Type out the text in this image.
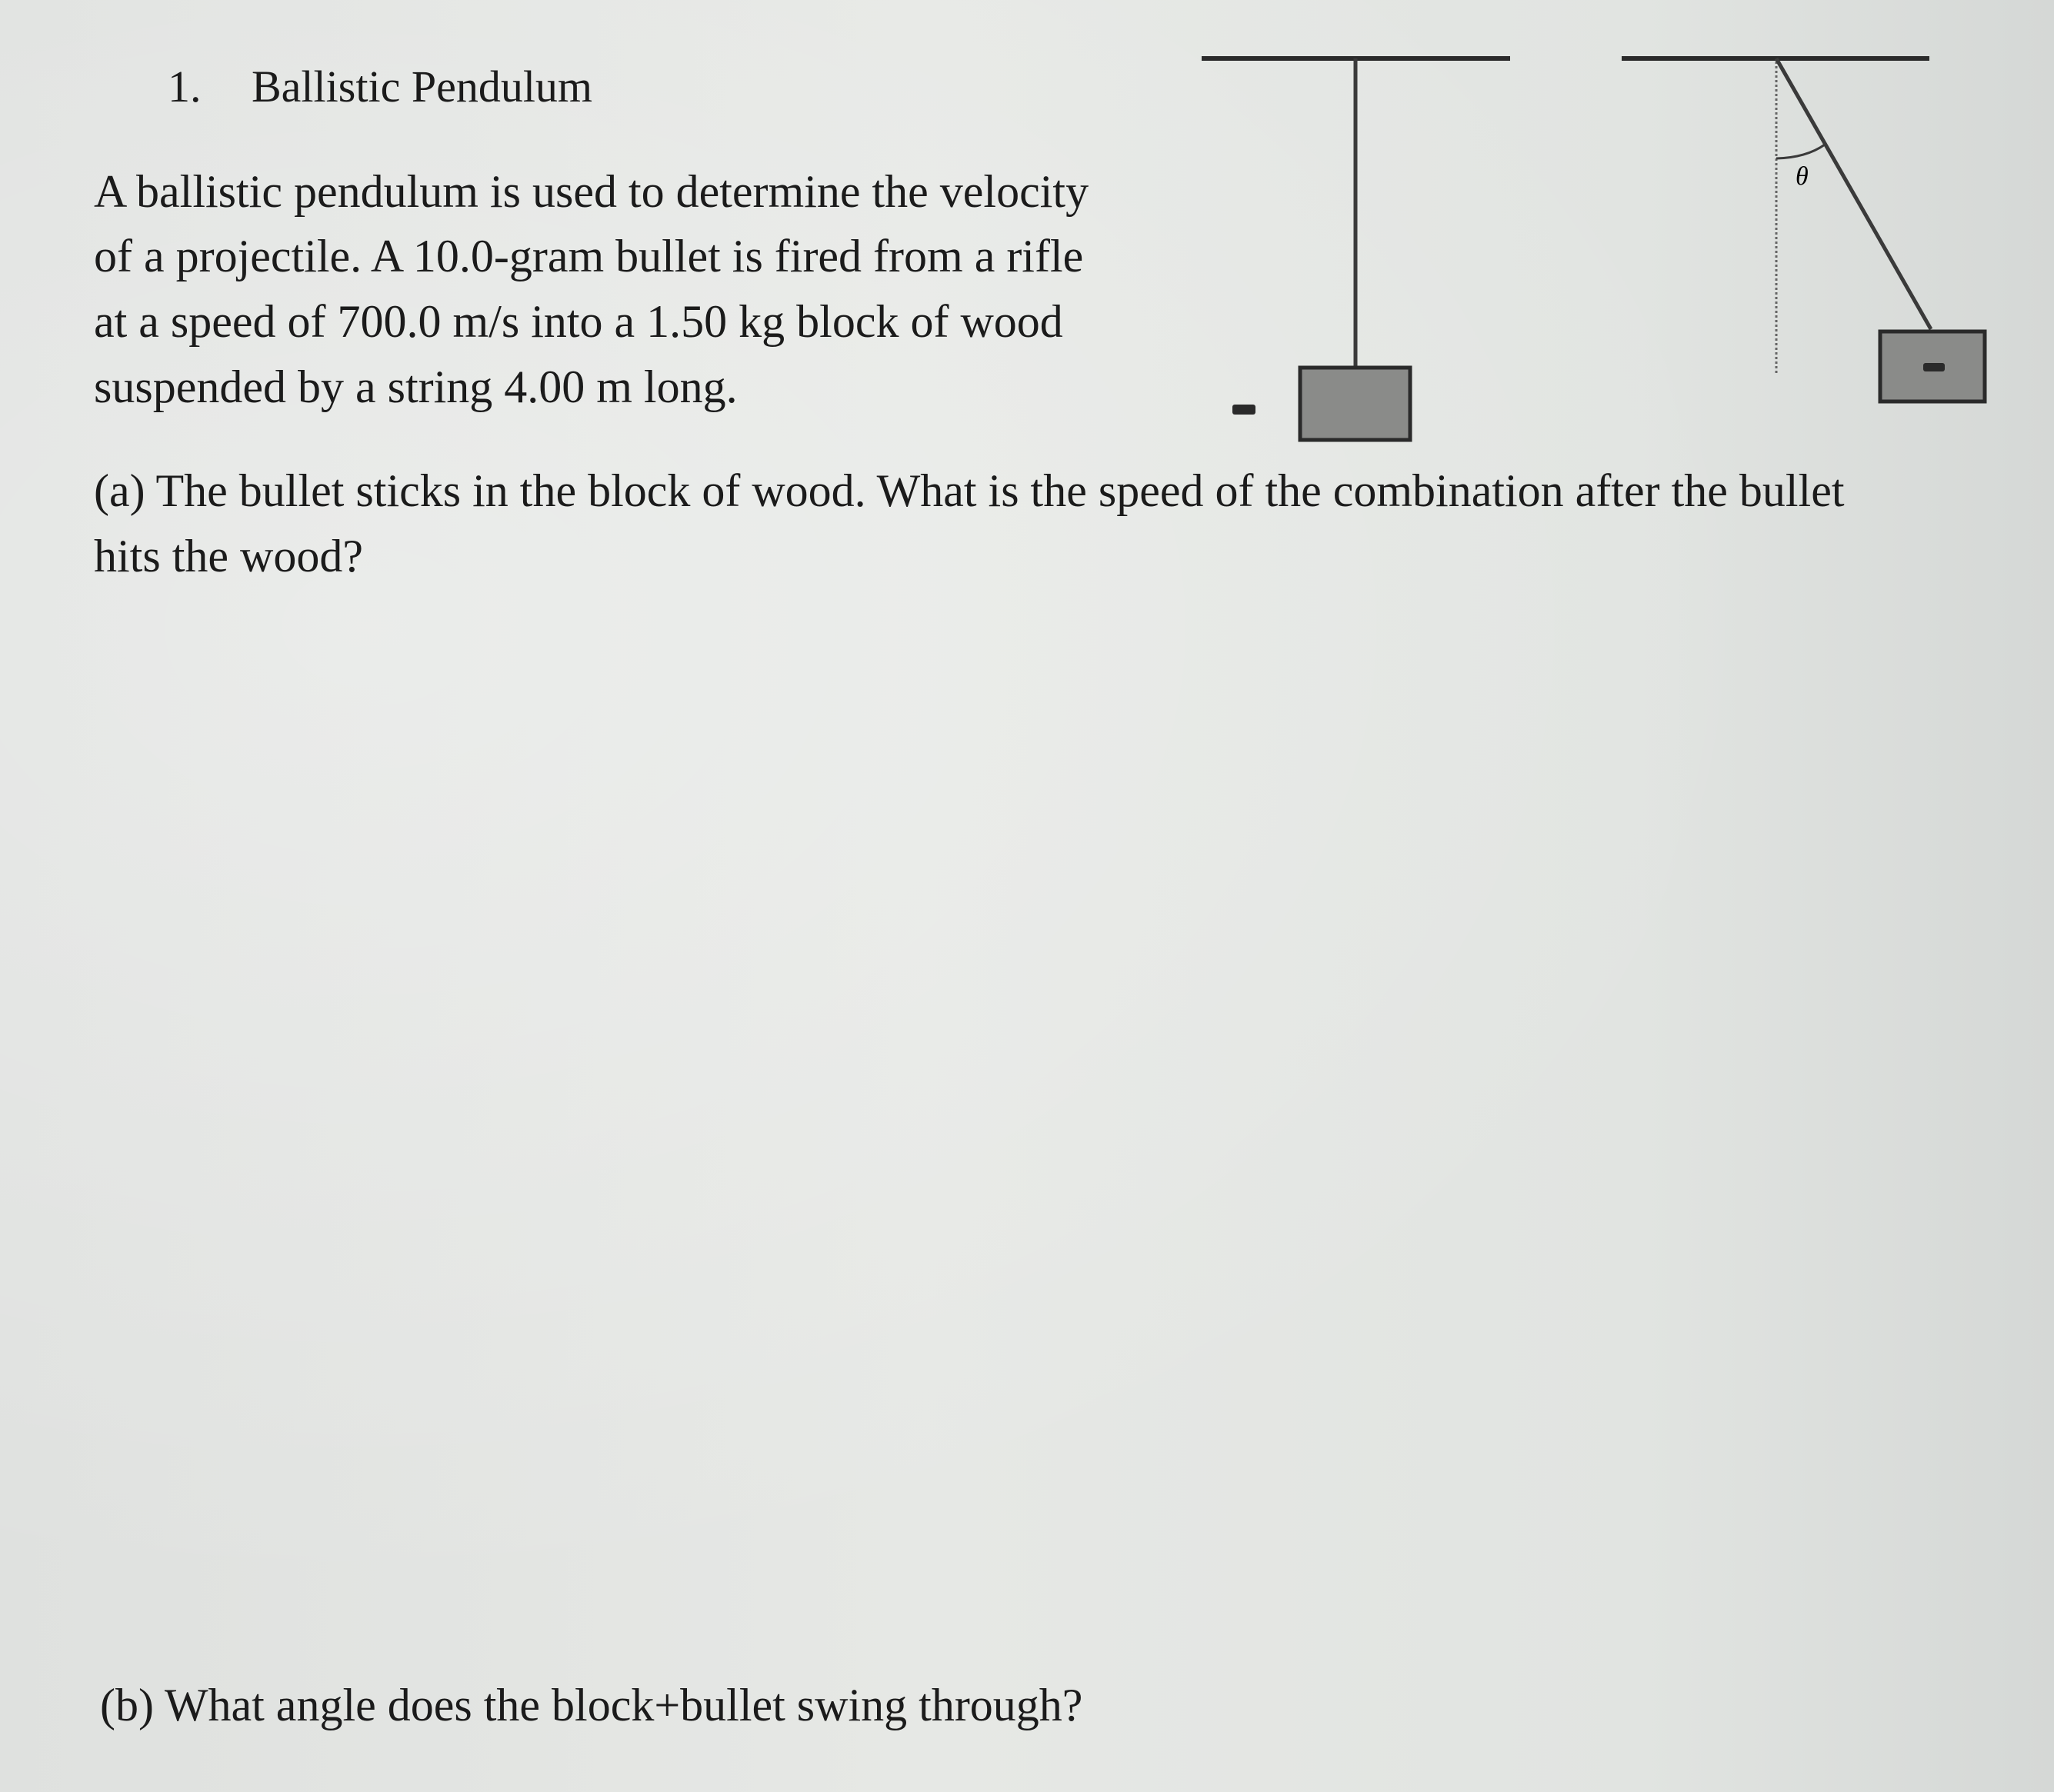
1. Ballistic Pendulum
A ballistic pendulum is used to determine the velocity
of a projectile. A 10.0-gram bullet is fired from a rifle
at a speed of 700.0 m/s into a 1.50 kg block of wood
suspended by a string 4.00 m long.
(a) The bullet sticks in the block of wood. What is the speed of the combination after the bullet
hits the wood?
(b) What angle does the block+bullet swing through?
θ
